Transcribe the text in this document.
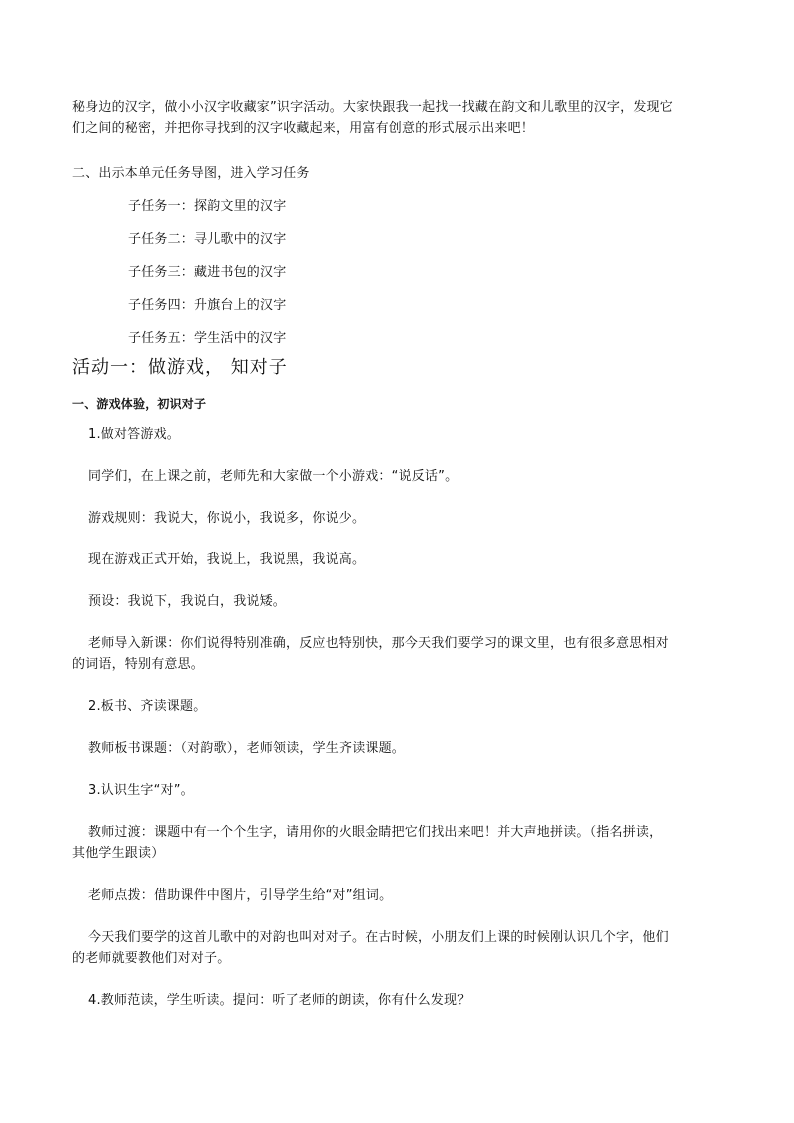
秘身边的汉字，做小小汉字收藏家”识字活动。大家快跟我一起找一找藏在韵文和儿歌里的汉字，发现它
们之间的秘密，并把你寻找到的汉字收藏起来，用富有创意的形式展示出来吧！
二、出示本单元任务导图，进入学习任务
子任务一：探韵文里的汉字
子任务二：寻儿歌中的汉字
子任务三：藏进书包的汉字
子任务四：升旗台上的汉字
子任务五：学生活中的汉字
活动一：做游戏， 知对子
一、游戏体验，初识对子
1.做对答游戏。
同学们，在上课之前，老师先和大家做一个小游戏：“说反话”。
游戏规则：我说大，你说小，我说多，你说少。
现在游戏正式开始，我说上，我说黑，我说高。
预设：我说下，我说白，我说矮。
老师导入新课：你们说得特别准确，反应也特别快，那今天我们要学习的课文里，也有很多意思相对
的词语，特别有意思。
2.板书、齐读课题。
教师板书课题：（对韵歌），老师领读，学生齐读课题。
3.认识生字“对”。
教师过渡：课题中有一个个生字，请用你的火眼金睛把它们找出来吧！并大声地拼读。（指名拼读，
其他学生跟读）
老师点拨：借助课件中图片，引导学生给“对”组词。
今天我们要学的这首儿歌中的对韵也叫对对子。在古时候，小朋友们上课的时候刚认识几个字，他们
的老师就要教他们对对子。
4.教师范读，学生听读。提问：听了老师的朗读，你有什么发现？
